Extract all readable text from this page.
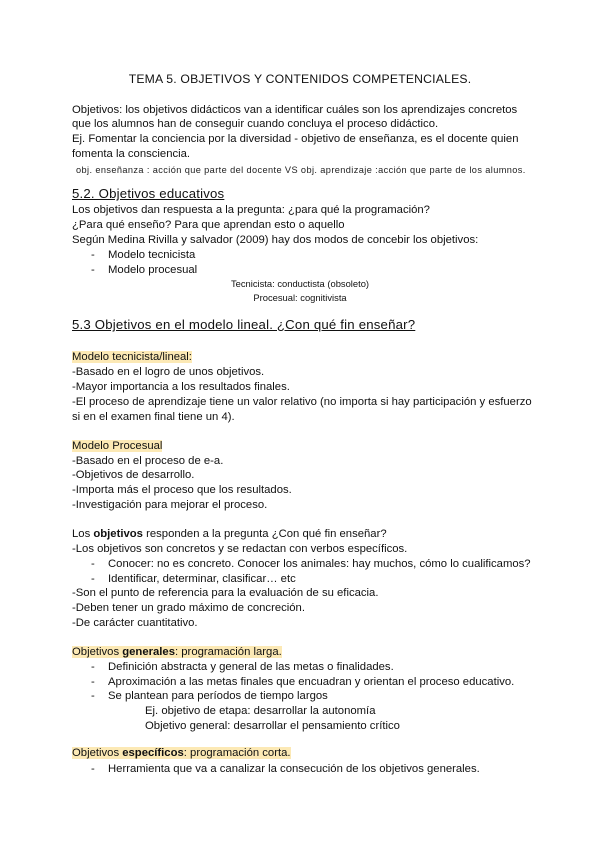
TEMA 5. OBJETIVOS Y CONTENIDOS COMPETENCIALES.
Objetivos: los objetivos didácticos van a identificar cuáles son los aprendizajes concretos
que los alumnos han de conseguir cuando concluya el proceso didáctico.
Ej. Fomentar la conciencia por la diversidad - objetivo de enseñanza, es el docente quien
fomenta la consciencia.
obj. enseñanza : acción que parte del docente VS obj. aprendizaje :acción que parte de los alumnos.
5.2. Objetivos educativos
Los objetivos dan respuesta a la pregunta: ¿para qué la programación?
¿Para qué enseño? Para que aprendan esto o aquello
Según Medina Rivilla y salvador (2009) hay dos modos de concebir los objetivos:
- Modelo tecnicista
- Modelo procesual
Tecnicista: conductista (obsoleto)
Procesual: cognitivista
5.3 Objetivos en el modelo lineal. ¿Con qué fin enseñar?
Modelo tecnicista/lineal:
-Basado en el logro de unos objetivos.
-Mayor importancia a los resultados finales.
-El proceso de aprendizaje tiene un valor relativo (no importa si hay participación y esfuerzo
si en el examen final tiene un 4).
Modelo Procesual
-Basado en el proceso de e-a.
-Objetivos de desarrollo.
-Importa más el proceso que los resultados.
-Investigación para mejorar el proceso.
Los objetivos responden a la pregunta ¿Con qué fin enseñar?
-Los objetivos son concretos y se redactan con verbos específicos.
- Conocer: no es concreto. Conocer los animales: hay muchos, cómo lo cualificamos?
- Identificar, determinar, clasificar… etc
-Son el punto de referencia para la evaluación de su eficacia.
-Deben tener un grado máximo de concreción.
-De carácter cuantitativo.
Objetivos generales: programación larga.
- Definición abstracta y general de las metas o finalidades.
- Aproximación a las metas finales que encuadran y orientan el proceso educativo.
- Se plantean para períodos de tiempo largos
Ej. objetivo de etapa: desarrollar la autonomía
Objetivo general: desarrollar el pensamiento crítico
Objetivos específicos: programación corta.
- Herramienta que va a canalizar la consecución de los objetivos generales.
